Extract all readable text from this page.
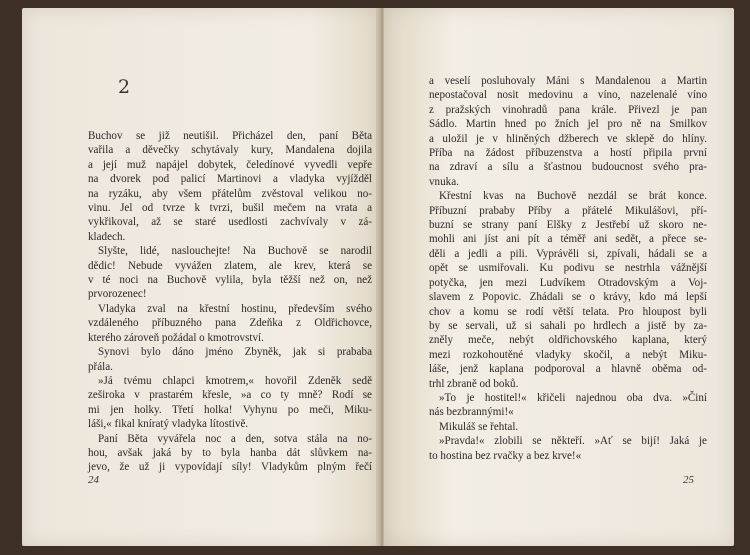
2

Buchov se již neutišil. Přicházel den, paní Běta

vařila a děvečky schytávaly kury, Mandalena dojila

a její muž napájel dobytek, čeledínové vyvedli vepře

na dvorek pod palicí Martinovi a vladyka vyjížděl

na ryzáku, aby všem přátelům zvěstoval velikou no-

vinu. Jel od tvrze k tvrzi, bušil mečem na vrata a

vykřikoval, až se staré usedlosti zachvívaly v zá-

kladech.

Slyšte, lidé, naslouchejte! Na Buchově se narodil

dědic! Nebude vyvážen zlatem, ale krev, která se

v té noci na Buchově vylila, byla těžší než on, než

prvorozenec!

Vladyka zval na křestní hostinu, především svého

vzdáleného příbuzného pana Zdeňka z Oldřichovce,

kterého zároveň požádal o kmotrovství.

Synovi bylo dáno jméno Zbyněk, jak si prababa

přála.

»Já tvému chlapci kmotrem,« hovořil Zdeněk sedě

zeširoka v prastarém křesle, »a co ty mně? Rodí se

mi jen holky. Třetí holka! Vyhynu po meči, Miku-

láši,« fikal kníratý vladyka lítostivě.

Paní Běta vyvářela noc a den, sotva stála na no-

hou, avšak jaká by to byla hanba dát slůvkem na-

jevo, že už ji vypovídají síly! Vladykům plným řečí

24

a veselí posluhovaly Máni s Mandalenou a Martin

nepostačoval nosit medovinu a víno, nazelenalé víno

z pražských vinohradů pana krále. Přivezl je pan

Sádlo. Martin hned po žních jel pro ně na Smilkov

a uložil je v hliněných džberech ve sklepě do hlíny.

Příba na žádost příbuzenstva a hostí připila první

na zdraví a sílu a šťastnou budoucnost svého pra-

vnuka.

Křestní kvas na Buchově nezdál se brát konce.

Příbuzní prababy Příby a přátelé Mikulášovi, pří-

buzní se strany paní Elšky z Jestřebí už skoro ne-

mohli ani jíst ani pít a téměř ani sedět, a přece se-

děli a jedli a pili. Vyprávěli si, zpívali, hádali se a

opět se usmiřovali. Ku podivu se nestrhla vážnější

potyčka, jen mezi Ludvíkem Otradovským a Voj-

slavem z Popovic. Zhádali se o krávy, kdo má lepší

chov a komu se rodí větší telata. Pro hloupost byli

by se servali, už si sahali po hrdlech a jistě by za-

zněly meče, nebýt oldřichovského kaplana, který

mezi rozkohoutěné vladyky skočil, a nebýt Miku-

láše, jenž kaplana podporoval a hlavně oběma od-

trhl zbraně od boků.

»To je hostitel!« křičeli najednou oba dva. »Činí

nás bezbrannými!«

Mikuláš se řehtal.

»Pravda!« zlobili se někteří. »Ať se bijí! Jaká je

to hostina bez rvačky a bez krve!«

25
